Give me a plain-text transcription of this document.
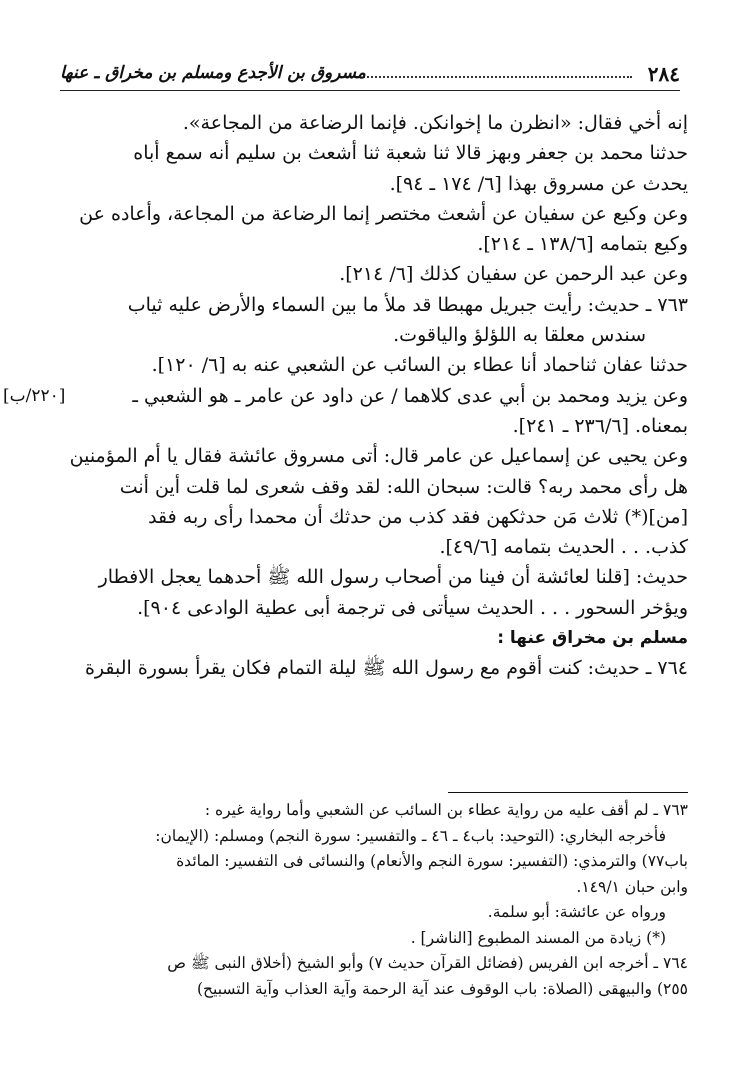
٢٨٤
مسروق بن الأجدع ومسلم بن مخراق ـ عنها

إنه أخي فقال: «انظرن ما إخوانكن. فإنما الرضاعة من المجاعة».

حدثنا محمد بن جعفر وبهز قالا ثنا شعبة ثنا أشعث بن سليم أنه سمع أباه

يحدث عن مسروق بهذا [٦/ ١٧٤ ـ ٩٤].

وعن وكيع عن سفيان عن أشعث مختصر إنما الرضاعة من المجاعة، وأعاده عن

وكيع بتمامه [١٣٨/٦ ـ ٢١٤].

وعن عبد الرحمن عن سفيان كذلك [٦/ ٢١٤].

٧٦٣ ـ حديث: رأيت جبريل مهبطا قد ملأ ما بين السماء والأرض عليه ثياب

سندس معلقا به اللؤلؤ والياقوت.

حدثنا عفان ثناحماد أنا عطاء بن السائب عن الشعبي عنه به [٦/ ١٢٠].

وعن يزيد ومحمد بن أبي عدى كلاهما / عن داود عن عامر ـ هو الشعبي ـ
[٢٢٠/ب]

بمعناه. [٢٣٦/٦ ـ ٢٤١].

وعن يحيى عن إسماعيل عن عامر قال: أتى مسروق عائشة فقال يا أم المؤمنين

هل رأى محمد ربه؟ قالت: سبحان الله: لقد وقف شعرى لما قلت أين أنت

[من](*) ثلاث مَن حدثكهن فقد كذب من حدثك أن محمدا رأى ربه فقد

كذب. . . الحديث بتمامه [٤٩/٦].

حديث: [قلنا لعائشة أن فينا من أصحاب رسول الله ﷺ أحدهما يعجل الافطار

ويؤخر السحور . . . الحديث سيأتى فى ترجمة أبى عطية الوادعى ٩٠٤].

مسلم بن مخراق عنها :

٧٦٤ ـ حديث: كنت أقوم مع رسول الله ﷺ ليلة التمام فكان يقرأ بسورة البقرة

٧٦٣ ـ لم أقف عليه من رواية عطاء بن السائب عن الشعبي وأما رواية غيره :

فأخرجه البخاري: (التوحيد: باب٤ ـ ٤٦ ـ والتفسير: سورة النجم) ومسلم: (الإيمان:

باب٧٧) والترمذي: (التفسير: سورة النجم والأنعام) والنسائى فى التفسير: المائدة

وابن حبان ١٤٩/١.

ورواه عن عائشة: أبو سلمة.

(*) زيادة من المسند المطبوع [الناشر] .

٧٦٤ ـ أخرجه ابن الفريس (فضائل القرآن حديث ٧) وأبو الشيخ (أخلاق النبى ﷺ ص

٢٥٥) والبيهقى (الصلاة: باب الوقوف عند آية الرحمة وآية العذاب وآية التسبيح)
